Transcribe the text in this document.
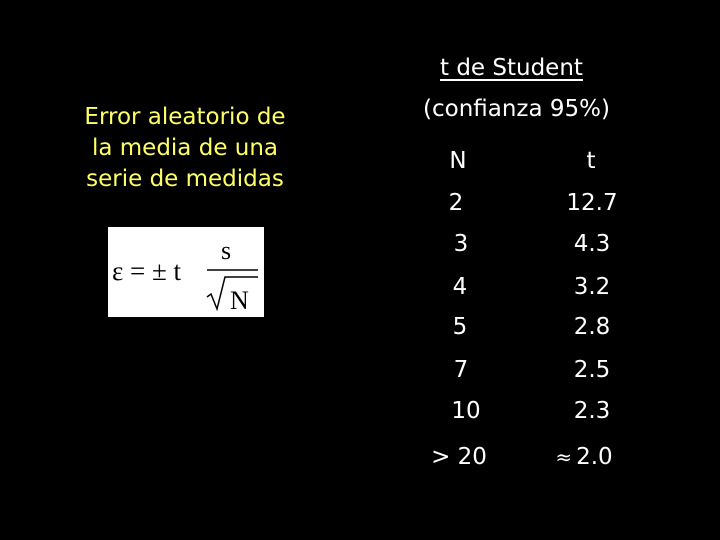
Error aleatorio de
la media de una
serie de medidas
ε = ± t
s
N
t de Student
(confianza 95%)
N	t
2	12.7
3	4.3
4	3.2
5	2.8
7	2.5
10	2.3
> 20	≈ 2.0
